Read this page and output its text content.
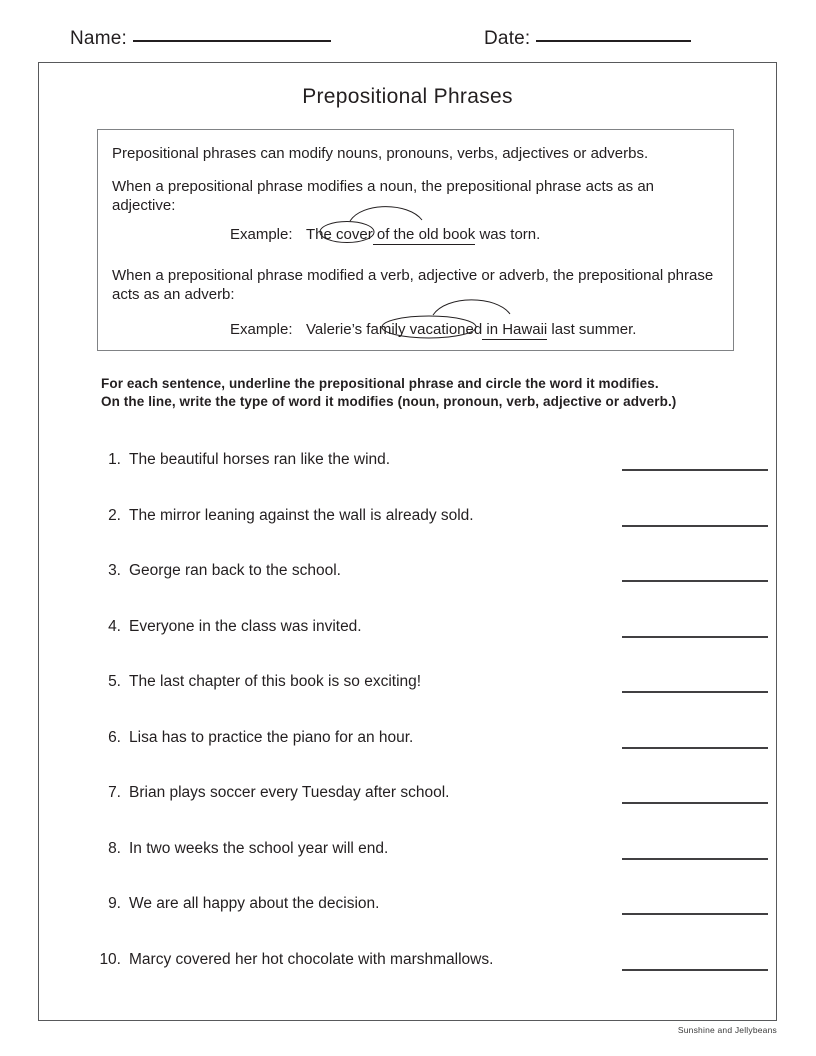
Name:	Date:
Prepositional Phrases

Prepositional phrases can modify nouns, pronouns, verbs, adjectives or adverbs.

When a prepositional phrase modifies a noun, the prepositional phrase acts as an adjective:

Example: The cover of the old book was torn.

When a prepositional phrase modified a verb, adjective or adverb, the prepositional phrase acts as an adverb:

Example: Valerie’s family vacationed in Hawaii last summer.
For each sentence, underline the prepositional phrase and circle the word it modifies.
On the line, write the type of word it modifies (noun, pronoun, verb, adjective or adverb.)
1. The beautiful horses ran like the wind.
2. The mirror leaning against the wall is already sold.
3. George ran back to the school.
4. Everyone in the class was invited.
5. The last chapter of this book is so exciting!
6. Lisa has to practice the piano for an hour.
7. Brian plays soccer every Tuesday after school.
8. In two weeks the school year will end.
9. We are all happy about the decision.
10. Marcy covered her hot chocolate with marshmallows.
Sunshine and Jellybeans
